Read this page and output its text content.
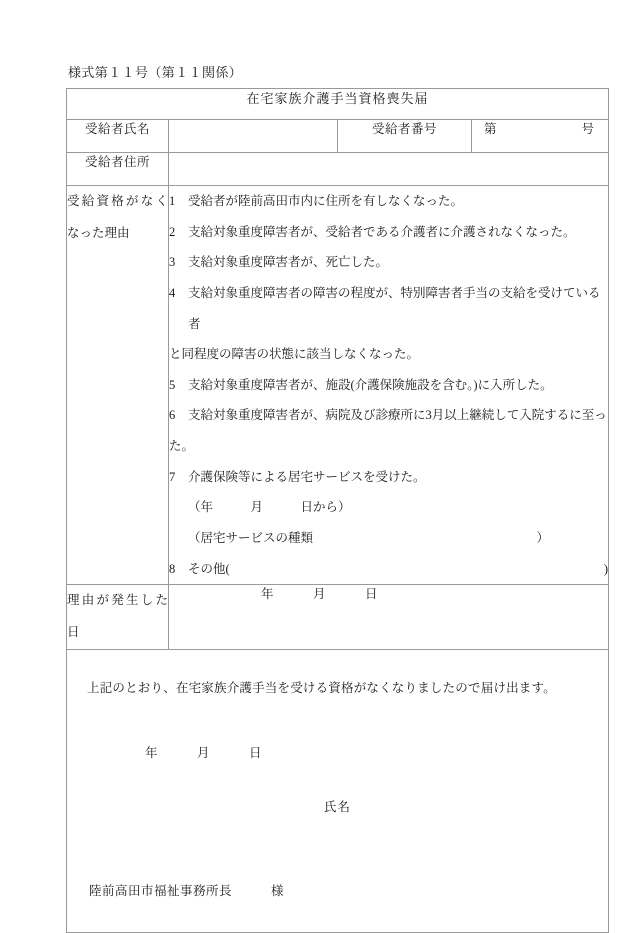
様式第１１号（第１１関係）
在宅家族介護手当資格喪失届			
受給者氏名		受給者番号	第 号

受給者住所			

受給資格がなく
なった理由

1	受給者が陸前高田市内に住所を有しなくなった。
2	支給対象重度障害者が、受給者である介護者に介護されなくなった。
3	支給対象重度障害者が、死亡した。
4	支給対象重度障害者の障害の程度が、特別障害者手当の支給を受けている者
と同程度の障害の状態に該当しなくなった。
5	支給対象重度障害者が、施設(介護保険施設を含む。)に入所した。
6	支給対象重度障害者が、病院及び診療所に3月以上継続して入院するに至っ
た。
7	介護保険等による居宅サービスを受けた。
（ 年　　　月　　　日から）
（居宅サービスの種類	）
8	その他(	)

理由が発生した
日	年　　　月　　　日		

上記のとおり、在宅家族介護手当を受ける資格がなくなりましたので届け出ます。
年　　　月　　　日
氏名
陸前高田市福祉事務所長　　　様			
